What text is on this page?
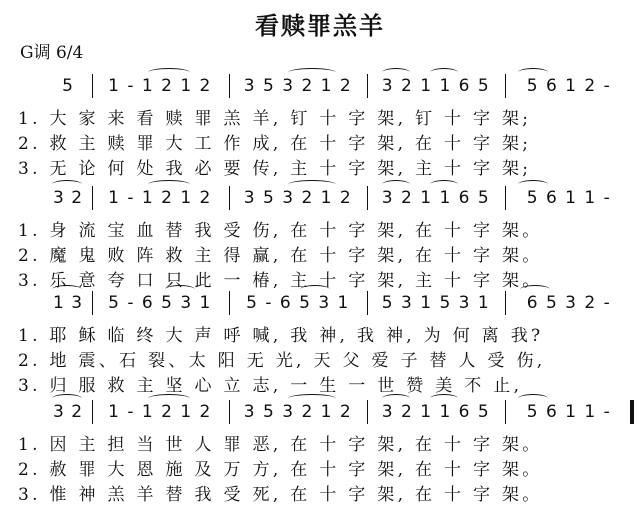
看赎罪羔羊
G调 6/4
5	1 - 1 2 1 2	3 5 3 2 1 2	3 2 1 1 6 5	5 6 1 2 -
1. 大 家 来 看 赎 罪 羔 羊, 钉 十 字 架, 钉 十 字 架;
2. 救 主 赎 罪 大 工 作 成, 在 十 字 架, 在 十 字 架;
3. 无 论 何 处 我 必 要 传, 主 十 字 架, 主 十 字 架;
3 2	1 - 1 2 1 2	3 5 3 2 1 2	3 2 1 1 6 5	5 6 1 1 -
1. 身 流 宝 血 替 我 受 伤, 在 十 字 架, 在 十 字 架。
2. 魔 鬼 败 阵 救 主 得 赢, 在 十 字 架, 在 十 字 架。
3. 乐 意 夸 口 只 此 一 椿, 主 十 字 架, 主 十 字 架。
1 3	5 - 6 5 3 1	5 - 6 5 3 1	5 3 1 5 3 1	6 5 3 2 -
1. 耶 稣 临 终 大 声 呼 喊, 我 神, 我 神, 为 何 离 我?
2. 地 震、石 裂、太 阳 无 光, 天 父 爱 子 替 人 受 伤,
3. 归 服 救 主 坚 心 立 志, 一 生 一 世 赞 美 不 止,
3 2	1 - 1 2 1 2	3 5 3 2 1 2	3 2 1 1 6 5	5 6 1 1 -
1. 因 主 担 当 世 人 罪 恶, 在 十 字 架, 在 十 字 架。
2. 赦 罪 大 恩 施 及 万 方, 在 十 字 架, 在 十 字 架。
3. 惟 神 羔 羊 替 我 受 死, 在 十 字 架, 在 十 字 架。
